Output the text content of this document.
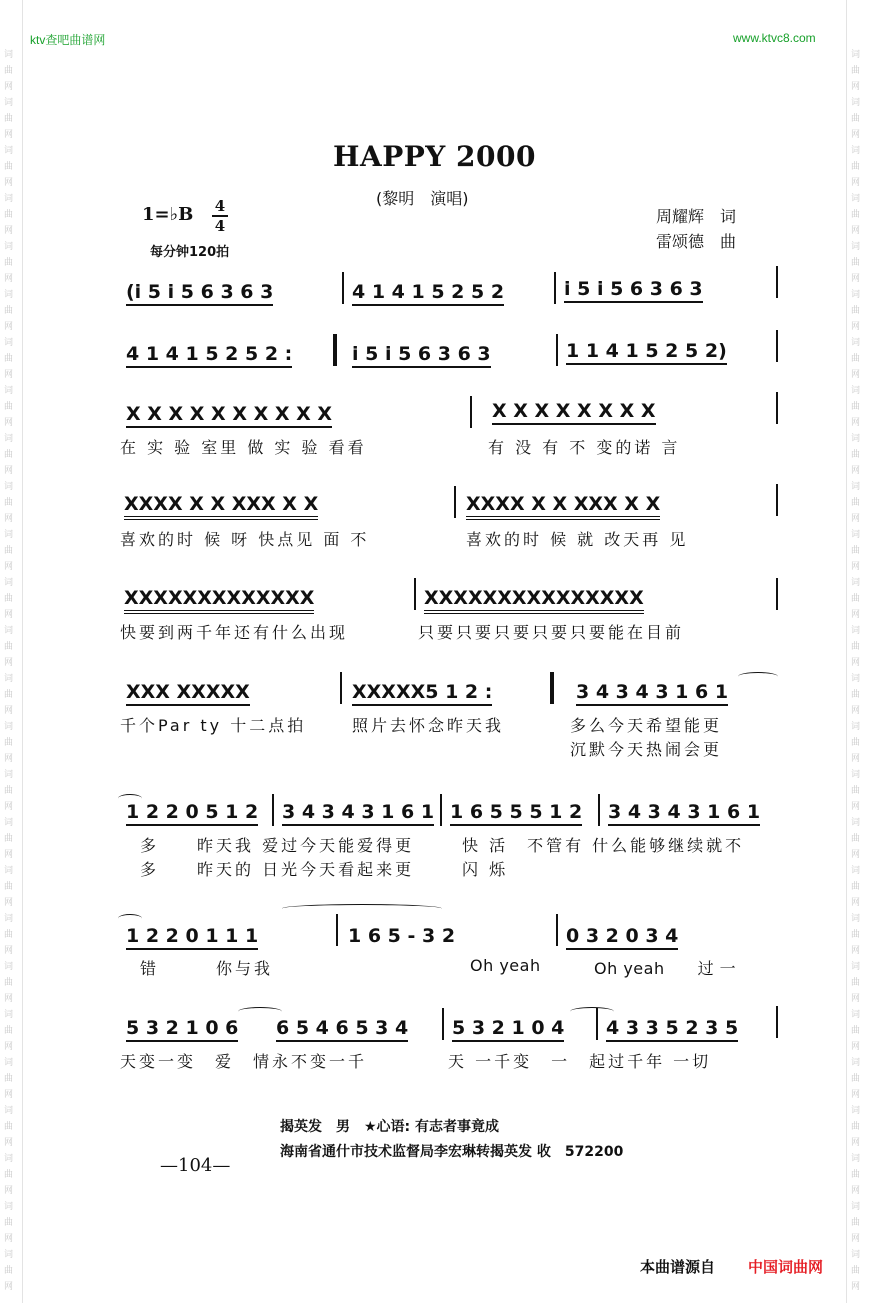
词
曲
网
词
曲
网
词
曲
网
词
曲
网
词
曲
网
词
曲
网
词
曲
网
词
曲
网
词
曲
网
词
曲
网
词
曲
网
词
曲
网
词
曲
网
词
曲
网
词
曲
网
词
曲
网
词
曲
网
词
曲
网
词
曲
网
词
曲
网
词
曲
网
词
曲
网
词
曲
网
词
曲
网
词
曲
网
词
曲
网
词
曲
网
词
曲
网
词
曲
网
词
曲
网
词
曲
网
词
曲
网
词
曲
网
词
曲
网
词
曲
网
词
曲
网
词
曲
网
词
曲
网
词
曲
网
词
曲
网
词
曲
网
词
曲
网
词
曲
网
词
曲
网
词
曲
网
词
曲
网
词
曲
网
词
曲
网
词
曲
网
词
曲
网
词
曲
网
词
曲
网
ktv查吧曲谱网	www.ktvc8.com
HAPPY 2000
(黎明　演唱)
1=♭B 4
4
每分钟120拍
周耀辉　词
雷颂德　曲
(i 5 i 5 6 3 6 3	4 1 4 1 5 2 5 2	i 5 i 5 6 3 6 3
4 1 4 1 5 2 5 2 :	i 5 i 5 6 3 6 3	1 1 4 1 5 2 5 2)
X X X X X X X X X X	X X X X X X X X
在 实 验 室里 做 实 验 看看	有 没 有 不 变的诺 言
XXXX X X XXX X X	XXXX X X XXX X X
喜欢的时 候 呀 快点见 面 不	喜欢的时 候 就 改天再 见
XXXXXXXXXXXXX	XXXXXXXXXXXXXXX
快要到两千年还有什么出现	只要只要只要只要只要能在目前
XXX XXXXX	XXXXX5 1 2 :	3 4 3 4 3 1 6 1
千个Par ty 十二点拍	照片去怀念昨天我	多么今天希望能更
沉默今天热闹会更
1 2 2 0 5 1 2 3 4 3 4 3 1 6 1 1 6 5 5 5 1 2 3 4 3 4 3 1 6 1
多　　昨天我 爱过今天能爱得更	快 活　不管有 什么能够继续就不
多　　昨天的 日光今天看起来更	闪 烁
1 2 2 0 1 1 1	1 6 5 - 3 2	0 3 2 0 3 4
错　　　你与我	Oh yeah	Oh yeah　　过 一
5 3 2 1 0 6 6 5 4 6 5 3 4 5 3 2 1 0 4 4 3 3 5 2 3 5
天变一变　爱　情永不变一千	天 一千变　一　起过千年 一切
揭英发　男　★心语: 有志者事竟成
海南省通什市技术监督局李宏琳转揭英发 收　572200
—104—
本曲谱源自 中国词曲网
